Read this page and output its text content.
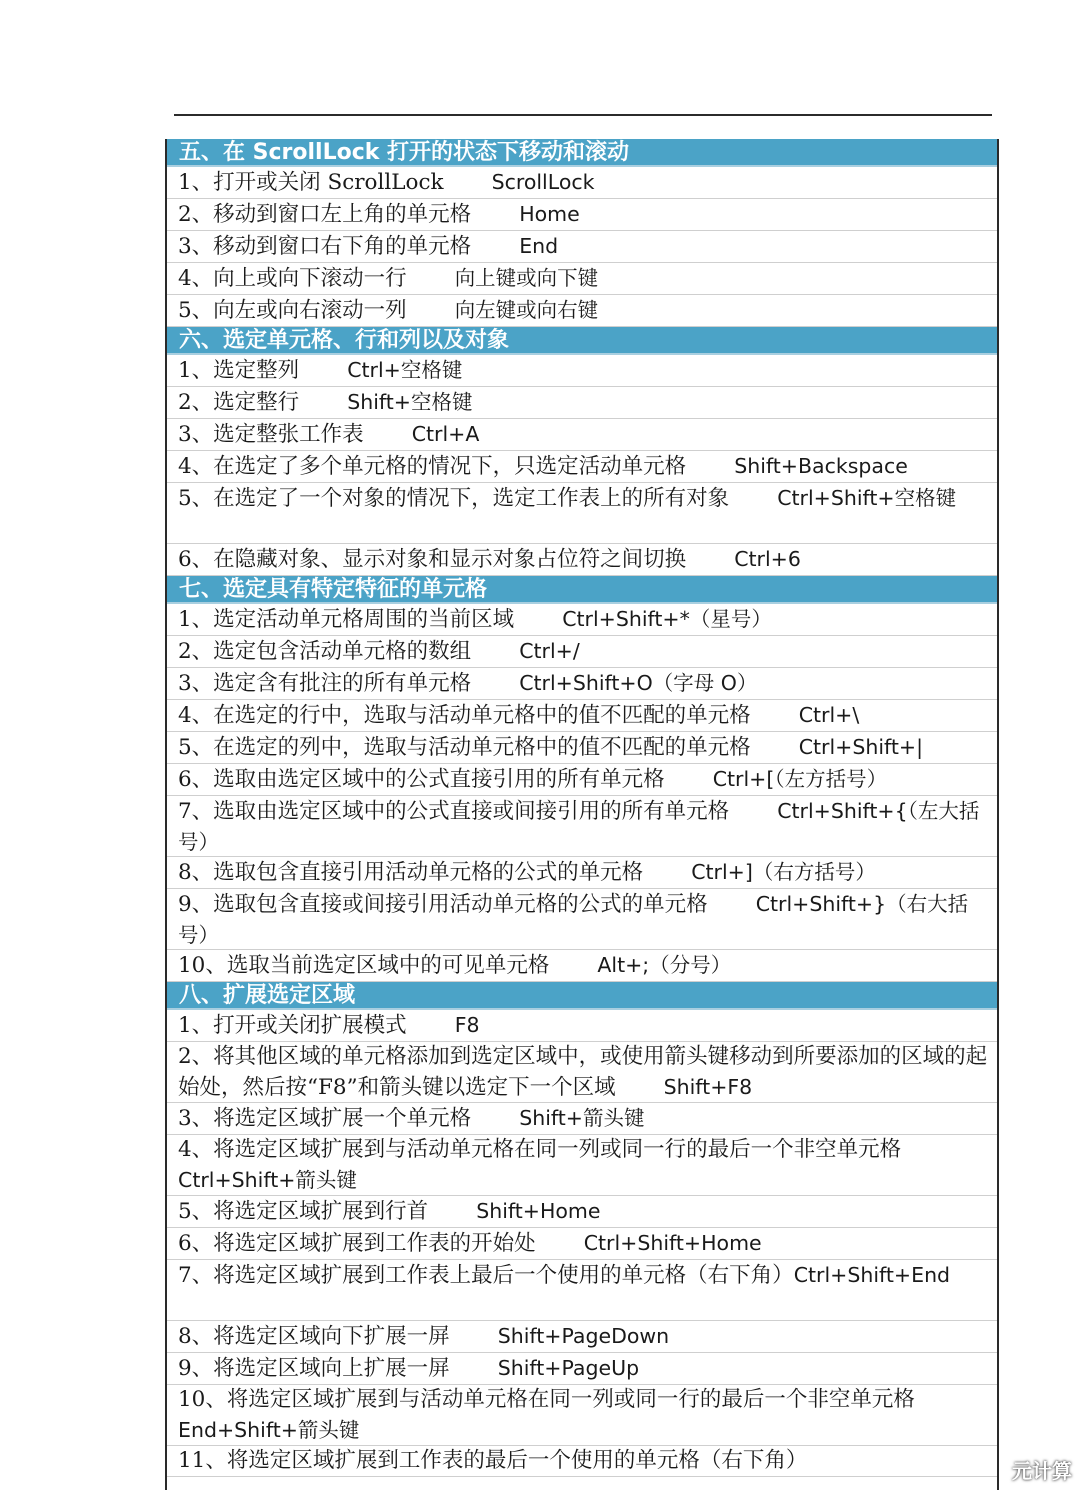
五、在 ScrollLock 打开的状态下移动和滚动
1、打开或关闭 ScrollLock ScrollLock
2、移动到窗口左上角的单元格 Home
3、移动到窗口右下角的单元格 End
4、向上或向下滚动一行 向上键或向下键
5、向左或向右滚动一列 向左键或向右键
六、选定单元格、行和列以及对象
1、选定整列 Ctrl+空格键
2、选定整行 Shift+空格键
3、选定整张工作表 Ctrl+A
4、在选定了多个单元格的情况下，只选定活动单元格 Shift+Backspace
5、在选定了一个对象的情况下，选定工作表上的所有对象 Ctrl+Shift+空格键
6、在隐藏对象、显示对象和显示对象占位符之间切换 Ctrl+6
七、选定具有特定特征的单元格
1、选定活动单元格周围的当前区域 Ctrl+Shift+*（星号）
2、选定包含活动单元格的数组 Ctrl+/
3、选定含有批注的所有单元格 Ctrl+Shift+O（字母 O）
4、在选定的行中，选取与活动单元格中的值不匹配的单元格 Ctrl+\
5、在选定的列中，选取与活动单元格中的值不匹配的单元格 Ctrl+Shift+|
6、选取由选定区域中的公式直接引用的所有单元格 Ctrl+[（左方括号）
7、选取由选定区域中的公式直接或间接引用的所有单元格 Ctrl+Shift+{（左大括号）
8、选取包含直接引用活动单元格的公式的单元格 Ctrl+]（右方括号）
9、选取包含直接或间接引用活动单元格的公式的单元格 Ctrl+Shift+}（右大括号）
10、选取当前选定区域中的可见单元格 Alt+;（分号）
八、扩展选定区域
1、打开或关闭扩展模式 F8
2、将其他区域的单元格添加到选定区域中，或使用箭头键移动到所要添加的区域的起始处，然后按“F8”和箭头键以选定下一个区域 Shift+F8
3、将选定区域扩展一个单元格 Shift+箭头键
4、将选定区域扩展到与活动单元格在同一列或同一行的最后一个非空单元格Ctrl+Shift+箭头键
5、将选定区域扩展到行首 Shift+Home
6、将选定区域扩展到工作表的开始处 Ctrl+Shift+Home
7、将选定区域扩展到工作表上最后一个使用的单元格（右下角）Ctrl+Shift+End
8、将选定区域向下扩展一屏 Shift+PageDown
9、将选定区域向上扩展一屏 Shift+PageUp
10、将选定区域扩展到与活动单元格在同一列或同一行的最后一个非空单元格End+Shift+箭头键
11、将选定区域扩展到工作表的最后一个使用的单元格（右下角）	元计算
